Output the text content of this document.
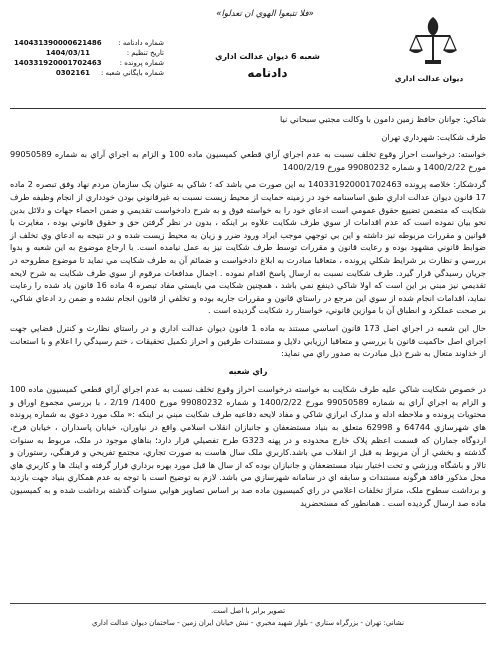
«فلا تتبعوا الهوي ان تعدلوا»
ديوان عدالت اداري
شعبه 6 ديوان عدالت اداري
دادنامه
شماره دادنامه :
140431390000621486
تاريخ تنظيم :
1404/03/11
شماره پرونده :
140331920001702463
شماره بايگاني شعبه :
0302161

شاکي: جوانان حافظ زمين دامون با وکالت مجتبي سبحاني نيا

طرف شکايت: شهرداري تهران

خواسته: درخواست احراز وقوع تخلف نسبت به عدم اجراي آراي قطعي کميسيون ماده 100 و الزام به اجراي آراي به شماره 99050589 مورخ 1400/2/22 و شماره 99080232 مورخ 1400/2/19

گردشکار: خلاصه پرونده 140331920001702463 به اين صورت مي باشد که ؛ شاکي به عنوان يک سازمان مردم نهاد وفق تبصره 2 ماده 17 قانون ديوان عدالت اداري طبق اساسنامه خود در زمينه حمايت از محيط زيست نسبت به غيرقانوني بودن خودداري از انجام وظيفه طرف شکايت که متضمن تضييع حقوق عمومي است ادعاي خود را به خواسته فوق و به شرح دادخواست تقديمي و ضمن احصاء جهات و دلائل بدين نحو بيان نموده است که عدم اقدامات از سوي طرف شکايت علاوه بر اينکه ، بدون در نظر گرفتن حق و حقوق قانوني بوده ، مغايرت با قوانين و مقررات مربوطه نيز داشته و اين بي توجهي موجب ايراد ورود ضرر و زيان به محيط زيست شده و در نتيجه به ادعاي وي تخلف از ضوابط قانوني مشهود بوده و رعايت قانون و مقررات توسط طرف شکايت نيز به عمل نيامده است. با ارجاع موضوع به اين شعبه و بدوا بررسي و نظارت بر شرايط شکلي پرونده ، متعاقبا مبادرت به ابلاغ دادخواست و ضمائم آن به طرف شکايت مي نمايد تا موضوع مطروحه در جريان رسيدگي قرار گيرد. طرف شکايت نسبت به ارسال پاسخ اقدام نموده . اجمال مدافعات مرقوم از سوي طرف شکايت به شرح لايحه تقديمي نيز مبني بر اين است که اولا شاکي ذينفع نمي باشد ، همچنين شکايت مي بايستي مفاد تبصره 4 ماده 16 قانون ياد شده را رعايت نمايد، اقدامات انجام شده از سوي اين مرجع در راستاي قانون و مقررات جاريه بوده و تخلفي از قانون انجام نشده و ضمن رد ادعاي شاکي، بر صحت عملکرد و انطباق آن با موازين قانوني، خواستار رد شکايت گرديده است .

حال اين شعبه در اجراي اصل 173 قانون اساسي مستند به ماده 1 قانون ديوان عدالت اداري و در راستاي نظارت و کنترل قضايي جهت اجراي اصل حاکميت قانون با بررسي و متعاقبا ارزيابي دلايل و مستندات طرفين و احراز تکميل تحقيقات ، ختم رسيدگي را اعلام و با استعانت از خداوند متعال به شرح ذيل مبادرت به صدور راي مي نمايد:

راي شعبه

در خصوص شکايت شاکي عليه طرف شکايت به خواسته درخواست احراز وقوع تخلف نسبت به عدم اجراي آراي قطعي کميسيون ماده 100 و الزام به اجراي آراي به شماره 99050589 مورخ 1400/2/22 و شماره 99080232 مورخ 1400/ 2/19 ، با بررسي مجموع اوراق و محتويات پرونده و ملاحظه ادله و مدارک ابرازي شاکي و مفاد لايحه دفاعيه طرف شکايت مبني بر اينکه :« ملک مورد دعوي به شماره پرونده هاي شهرسازي 64744 و 62998 متعلق به بنياد مستضعفان و جانبازان انقلاب اسلامي واقع در نياوران، خيابان پاسداران ، خيابان فرخ، اردوگاه جماران که قسمت اعظم پلاک خارج محدوده و در پهنه G323 طرح تفصيلي قرار دارد؛ بناهاي موجود در ملک، مربوط به سنوات گذشته و بخشي از آن مربوط به قبل از انقلاب مي باشد.کاربري ملک سال هاست به صورت تجاري، مجتمع تفريحي و فرهنگي، رستوران و تالار و باشگاه ورزشي و تحت اختيار بنياد مستضعفان و جانبازان بوده که از سال ها قبل مورد بهره برداري قرار گرفته و اينك ها و کاربري هاي محل مذکور فاقد هرگونه مستندات و سابقه اي در سامانه شهرسازي مي باشد. لازم به توضيح است با توجه به عدم همکاري بنياد جهت بازديد و برداشت سطوح ملک، متراژ تخلفات اعلامي در راي کميسيون ماده صد بر اساس تصاوير هوايي سنوات گذشته برداشت شده و به کميسيون ماده صد ارسال گرديده است . همانطور که مستحضريد

تصوير برابر با اصل است.
نشاني: تهران - بزرگراه ستاري - بلوار شهيد مخبري - نبش خيابان ايران زمين - ساختمان ديوان عدالت اداري
